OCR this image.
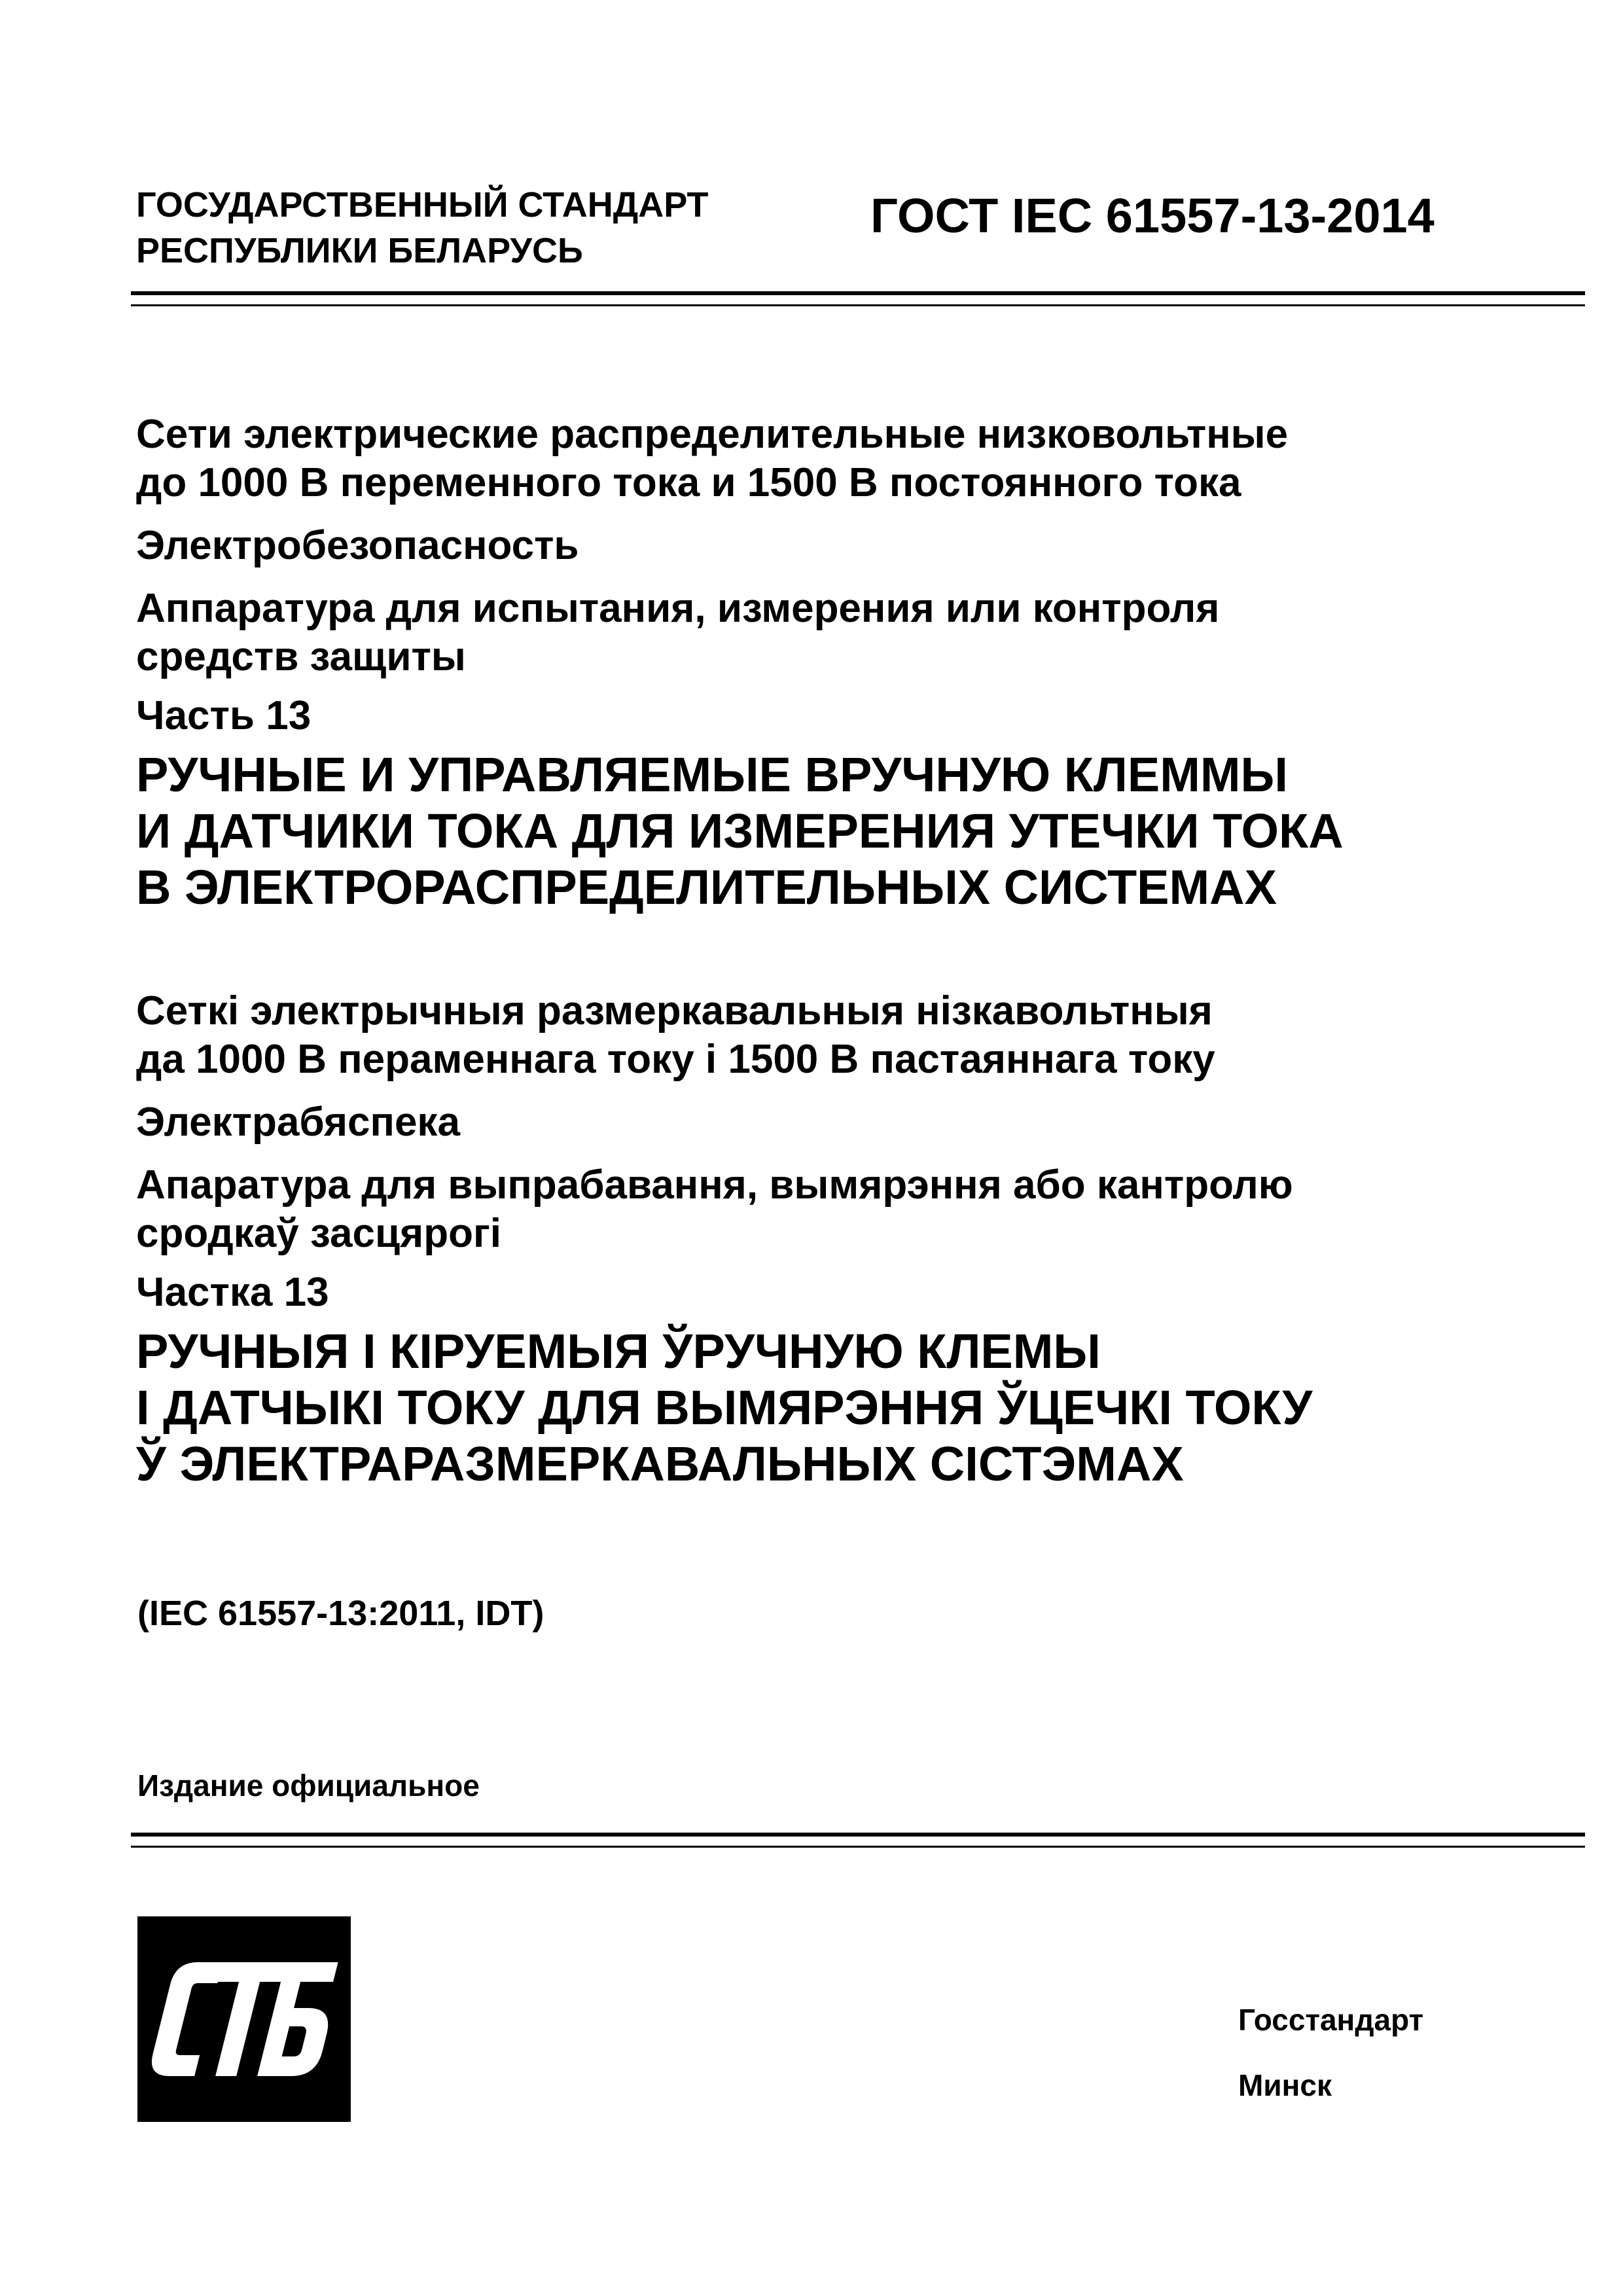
ГОСУДАРСТВЕННЫЙ СТАНДАРТ
РЕСПУБЛИКИ БЕЛАРУСЬ
ГОСТ IEC 61557-13-2014
Сети электрические распределительные низковольтные
до 1000 В переменного тока и 1500 В постоянного тока
Электробезопасность
Аппаратура для испытания, измерения или контроля
средств защиты
Часть 13
РУЧНЫЕ И УПРАВЛЯЕМЫЕ ВРУЧНУЮ КЛЕММЫ
И ДАТЧИКИ ТОКА ДЛЯ ИЗМЕРЕНИЯ УТЕЧКИ ТОКА
В ЭЛЕКТРОРАСПРЕДЕЛИТЕЛЬНЫХ СИСТЕМАХ
Сеткі электрычныя размеркавальныя нізкавольтныя
да 1000 В пераменнага току і 1500 В пастаяннага току
Электрабяспека
Апаратура для выпрабавання, вымярэння або кантролю
сродкаў засцярогі
Частка 13
РУЧНЫЯ І КІРУЕМЫЯ ЎРУЧНУЮ КЛЕМЫ
І ДАТЧЫКІ ТОКУ ДЛЯ ВЫМЯРЭННЯ ЎЦЕЧКІ ТОКУ
Ў ЭЛЕКТРАРАЗМЕРКАВАЛЬНЫХ СІСТЭМАХ
(IEC 61557-13:2011, IDT)
Издание официальное
Госстандарт
Минск
